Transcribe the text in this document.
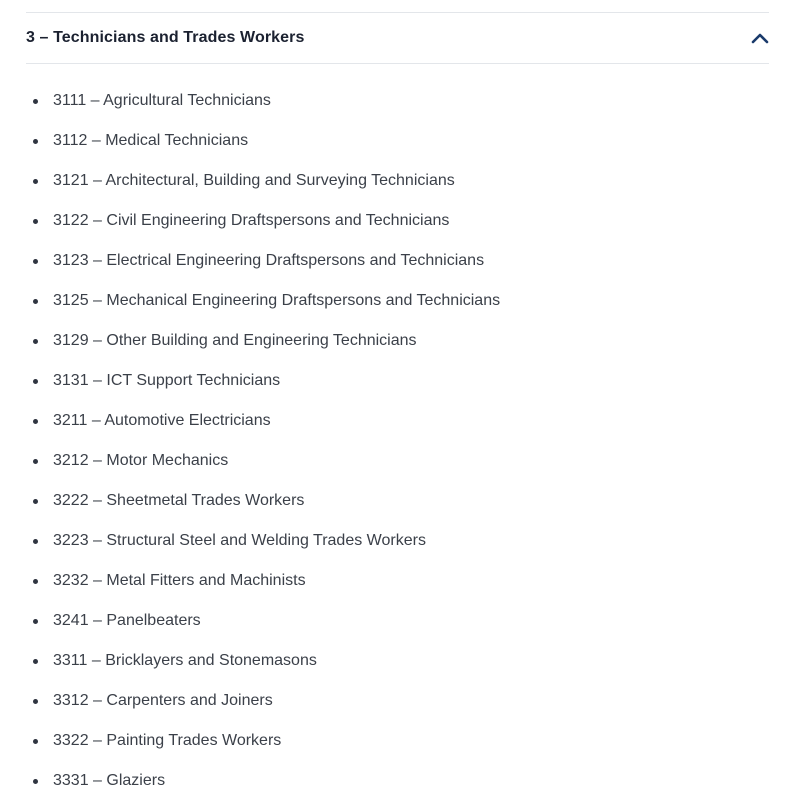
3 – Technicians and Trades Workers
3111 – Agricultural Technicians
3112 – Medical Technicians
3121 – Architectural, Building and Surveying Technicians
3122 – Civil Engineering Draftspersons and Technicians
3123 – Electrical Engineering Draftspersons and Technicians
3125 – Mechanical Engineering Draftspersons and Technicians
3129 – Other Building and Engineering Technicians
3131 – ICT Support Technicians
3211 – Automotive Electricians
3212 – Motor Mechanics
3222 – Sheetmetal Trades Workers
3223 – Structural Steel and Welding Trades Workers
3232 – Metal Fitters and Machinists
3241 – Panelbeaters
3311 – Bricklayers and Stonemasons
3312 – Carpenters and Joiners
3322 – Painting Trades Workers
3331 – Glaziers
